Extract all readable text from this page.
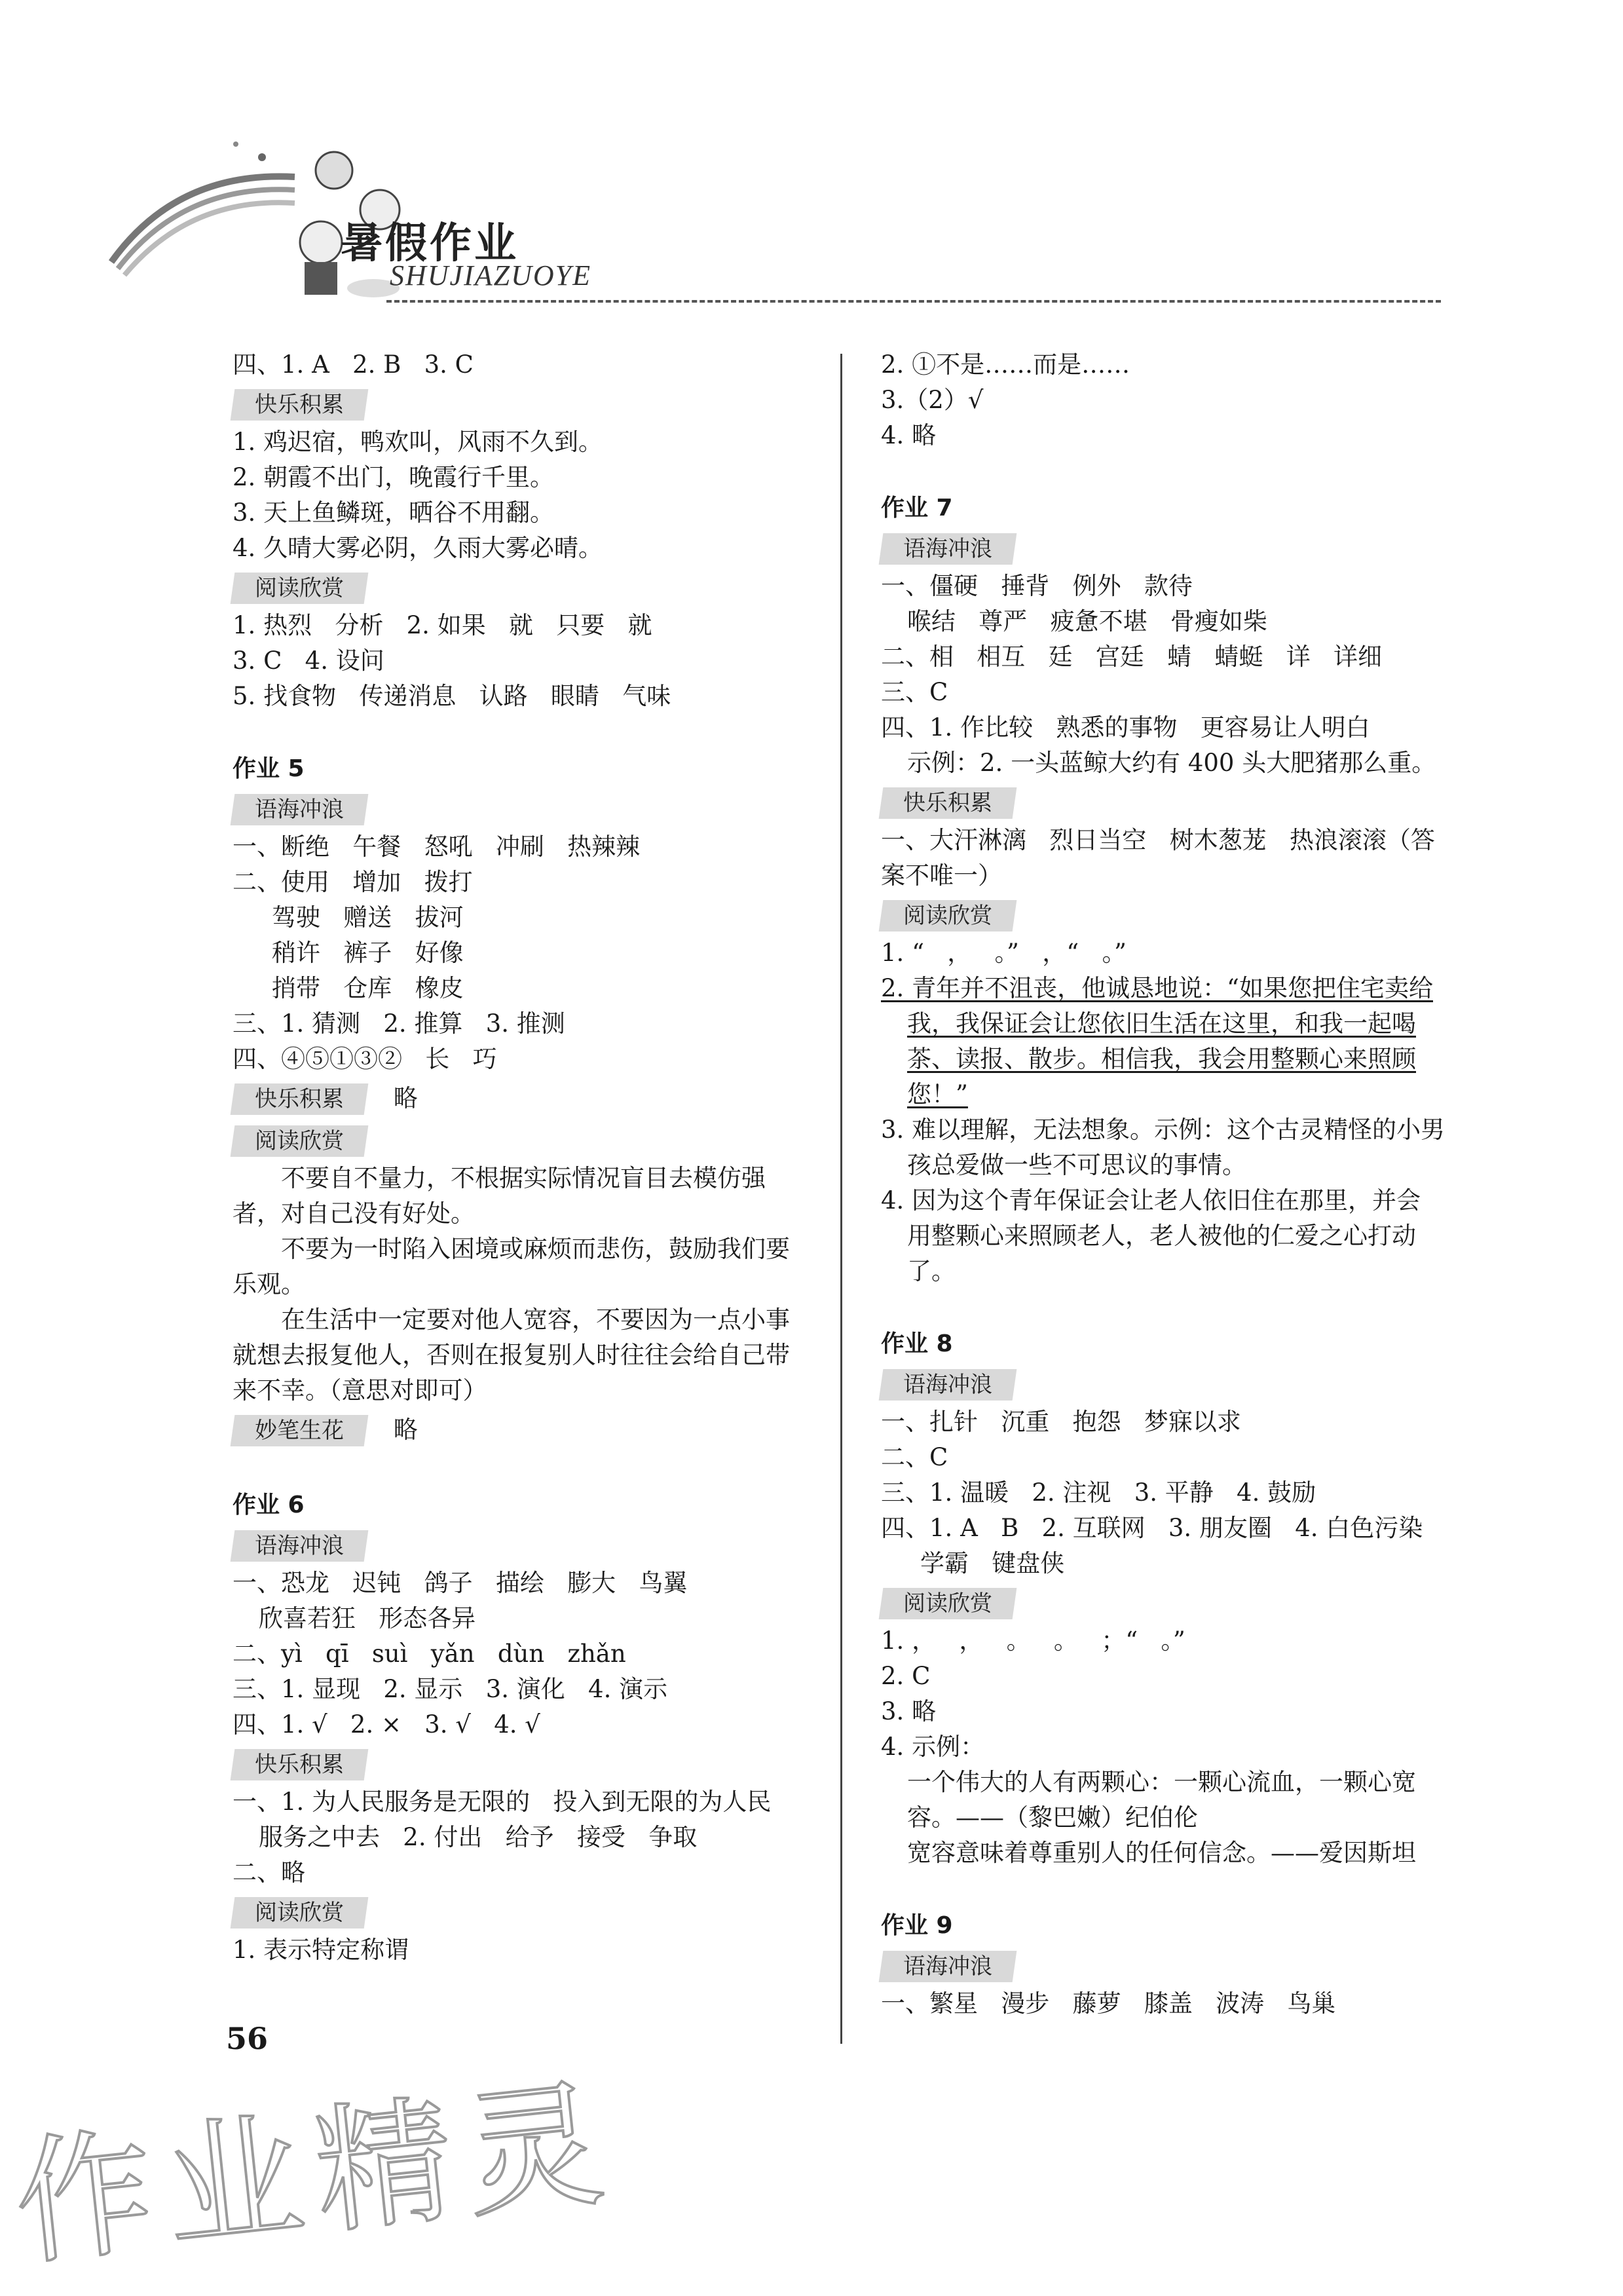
暑假作业
SHUJIAZUOYE
四、1. A   2. B   3. C
快乐积累
1. 鸡迟宿，鸭欢叫，风雨不久到。
2. 朝霞不出门，晚霞行千里。
3. 天上鱼鳞斑，晒谷不用翻。
4. 久晴大雾必阴，久雨大雾必晴。
阅读欣赏
1. 热烈   分析   2. 如果   就   只要   就
3. C   4. 设问
5. 找食物   传递消息   认路   眼睛   气味
作业 5
语海冲浪
一、断绝   午餐   怒吼   冲刷   热辣辣
二、使用   增加   拨打
驾驶   赠送   拔河
稍许   裤子   好像
捎带   仓库   橡皮
三、1. 猜测   2. 推算   3. 推测
四、④⑤①③②   长   巧
快乐积累 略
阅读欣赏
不要自不量力，不根据实际情况盲目去模仿强者，对自己没有好处。
不要为一时陷入困境或麻烦而悲伤，鼓励我们要乐观。
在生活中一定要对他人宽容，不要因为一点小事就想去报复他人，否则在报复别人时往往会给自己带来不幸。（意思对即可）
妙笔生花 略
作业 6
语海冲浪
一、恐龙   迟钝   鸽子   描绘   膨大   鸟翼
欣喜若狂   形态各异
二、yì   qī   suì   yǎn   dùn   zhǎn
三、1. 显现   2. 显示   3. 演化   4. 演示
四、1. √   2. ×   3. √   4. √
快乐积累
一、1. 为人民服务是无限的   投入到无限的为人民
服务之中去   2. 付出   给予   接受   争取
二、略
阅读欣赏
1. 表示特定称谓
2. ①不是……而是……
3.（2）√
4. 略
作业 7
语海冲浪
一、僵硬   捶背   例外   款待
喉结   尊严   疲惫不堪   骨瘦如柴
二、相   相互   廷   宫廷   蜻   蜻蜓   详   详细
三、C
四、1. 作比较   熟悉的事物   更容易让人明白
示例：2. 一头蓝鲸大约有 400 头大肥猪那么重。
快乐积累
一、大汗淋漓   烈日当空   树木葱茏   热浪滚滚（答
案不唯一）
阅读欣赏
1. “   ，   。”   ，“   。”
2. 青年并不沮丧，他诚恳地说：“如果您把住宅卖给
我，我保证会让您依旧生活在这里，和我一起喝
茶、读报、散步。相信我，我会用整颗心来照顾
您！”
3. 难以理解，无法想象。示例：这个古灵精怪的小男
孩总爱做一些不可思议的事情。
4. 因为这个青年保证会让老人依旧住在那里，并会
用整颗心来照顾老人，老人被他的仁爱之心打动
了。
作业 8
语海冲浪
一、扎针   沉重   抱怨   梦寐以求
二、C
三、1. 温暖   2. 注视   3. 平静   4. 鼓励
四、1. A   B   2. 互联网   3. 朋友圈   4. 白色污染
学霸   键盘侠
阅读欣赏
1. ，   ，   。   。   ；“   。”
2. C
3. 略
4. 示例：
一个伟大的人有两颗心：一颗心流血，一颗心宽
容。——（黎巴嫩）纪伯伦
宽容意味着尊重别人的任何信念。——爱因斯坦
作业 9
语海冲浪
一、繁星   漫步   藤萝   膝盖   波涛   鸟巢
56
作业精灵
